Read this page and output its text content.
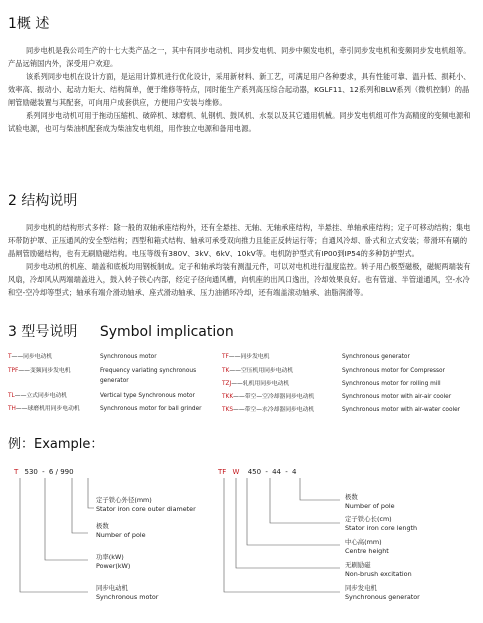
1概 述

同步电机是我公司生产的十七大类产品之一，其中有同步电动机、同步发电机、同步中频发电机，牵引同步发电机和变频同步发电机组等。产品远销国内外，深受用户欢迎。

该系列同步电机在设计方面，是运用计算机进行优化设计，采用新材料、新工艺，可满足用户各种要求，具有性能可靠、温升低、损耗小、效率高、振动小、起动力矩大、结构简单，便于维修等特点，同时能生产系列高压综合起动器，KGLF11、12系列和BLW系列（微机控制）的晶闸管励磁装置与其配套，可向用户成套供应，方便用户安装与维修。

系列同步电动机可用于拖动压缩机、破碎机、球磨机、轧钢机、鼓风机、水泵以及其它通用机械。同步发电机组可作为高精度的变频电源和试验电源，也可与柴油机配套成为柴油发电机组，用作独立电源和备用电源。

2 结构说明

同步电机的结构形式多样：除一般的双轴承座结构外，还有全悬挂、无轴、无轴承座结构，半悬挂、单轴承座结构；定子可移动结构；集电环带防护罩、正压通风的安全型结构；西型和箱式结构、轴承可承受双向推力且能正反转运行等；自通风冷却、卧式和立式安装；带滑环有刷的晶闸管励磁结构，也有无刷励磁结构。电压等级有380V、3kV、6kV、10kV等。电机防护型式有IP00到IP54的多种防护型式。

同步电动机的机座、端盖和底板均用钢板制成。定子和轴承均装有测温元件，可以对电机进行温度监控。转子用凸极型磁极，磁轭两端装有风扇，冷却风从两端端盖进入，鼓入转子铁心内部，经定子径向通风槽，向机座的出风口逸出，冷却效果良好。也有管道、半管道通风，空-水冷和空-空冷却等型式；轴承有端介滑动轴承、座式滑动轴承、压力油循环冷却，还有端盖滚动轴承、油脂润滑等。

3 型号说明 Symbol implication
T——同步电动机	Synchronous motor
TPF——变频同步发电机	Frequency variating synchronous
generator
TL——立式同步电动机	Vertical type Synchronous motor
TH——球磨机用同步电动机	Synchronous motor for ball grinder
TF——同步发电机	Synchronous generator
TK——空压机用同步电动机	Synchronous motor for Compressor
TZJ——轧机用同步电动机	Synchronous motor for rolling mill
TKK——带空—空冷却器同步电动机	Synchronous motor with air-air cooler
TKS——带空—水冷却器同步电动机	Synchronous motor with air-water cooler
例：Example：
T 530 - 6 / 990
定子铁心外径(mm)
Stator iron core outer diameter
极数
Number of pole
功率(kW)
Power(kW)
同步电动机
Synchronous motor
TF W 450 - 44 - 4
极数
Number of pole
定子铁心长(cm)
Stator iron core length
中心高(mm)
Centre height
无刷励磁
Non-brush excitation
同步发电机
Synchronous generator
